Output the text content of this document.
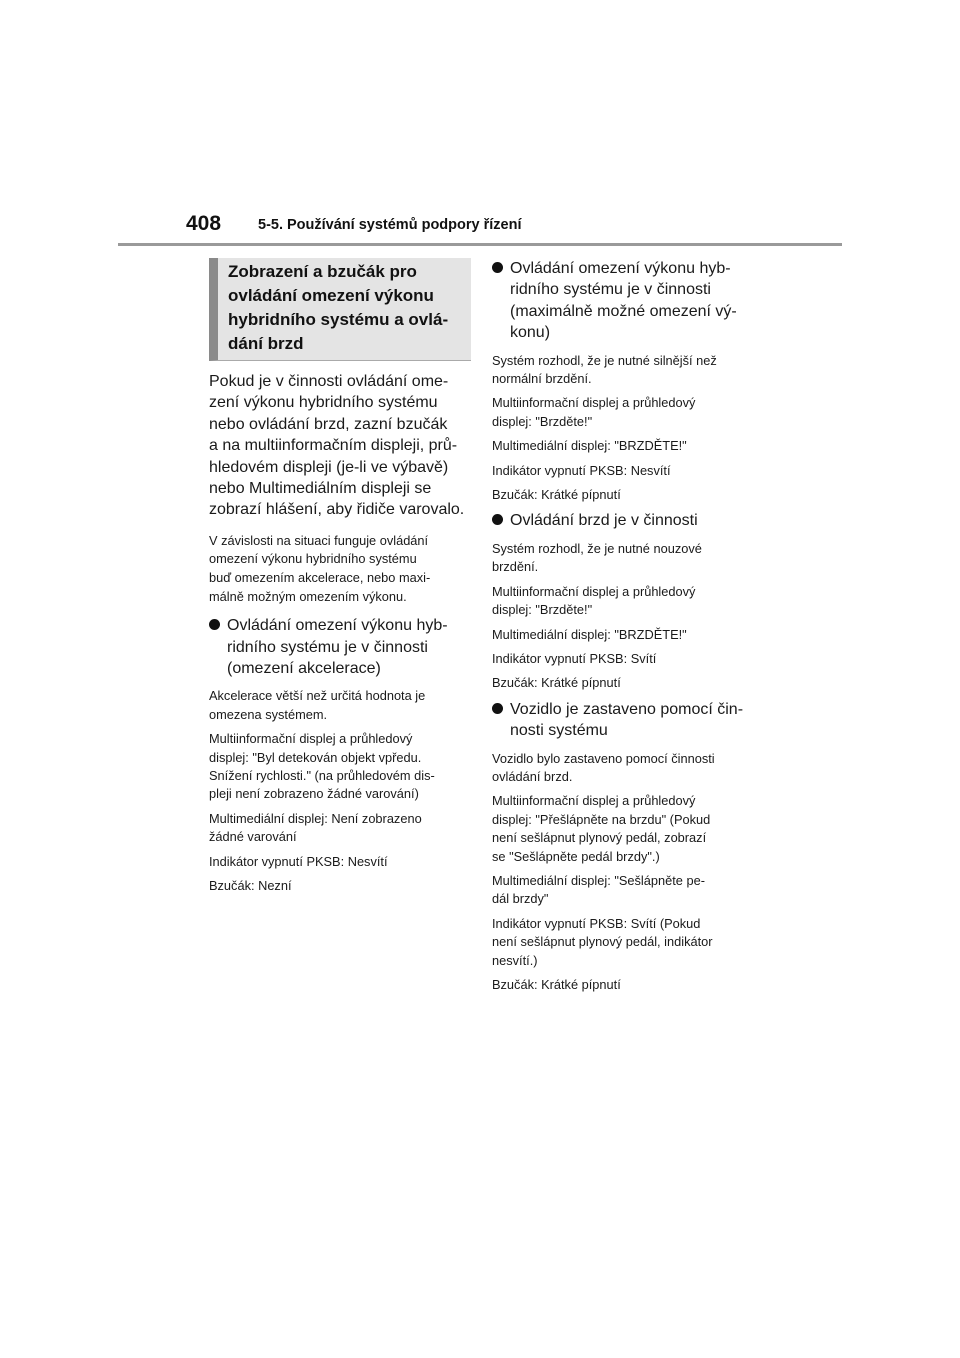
408	5-5. Používání systémů podpory řízení
Zobrazení a bzučák pro
ovládání omezení výkonu
hybridního systému a ovlá-
dání brzd

Pokud je v činnosti ovládání ome-

zení výkonu hybridního systému

nebo ovládání brzd, zazní bzučák

a na multiinformačním displeji, prů-

hledovém displeji (je-li ve výbavě)

nebo Multimediálním displeji se

zobrazí hlášení, aby řidiče varovalo.

V závislosti na situaci funguje ovládání

omezení výkonu hybridního systému

buď omezením akcelerace, nebo maxi-

málně možným omezením výkonu.

Ovládání omezení výkonu hyb-
ridního systému je v činnosti
(omezení akcelerace)
Akcelerace větší než určitá hodnota je
omezena systémem.
Multiinformační displej a průhledový
displej: "Byl detekován objekt vpředu.
Snížení rychlosti." (na průhledovém dis-
pleji není zobrazeno žádné varování)
Multimediální displej: Není zobrazeno
žádné varování
Indikátor vypnutí PKSB: Nesvítí
Bzučák: Nezní
Ovládání omezení výkonu hyb-
ridního systému je v činnosti
(maximálně možné omezení vý-
konu)
Systém rozhodl, že je nutné silnější než
normální brzdění.
Multiinformační displej a průhledový
displej: "Brzděte!"
Multimediální displej: "BRZDĚTE!"
Indikátor vypnutí PKSB: Nesvítí
Bzučák: Krátké pípnutí
Ovládání brzd je v činnosti
Systém rozhodl, že je nutné nouzové
brzdění.
Multiinformační displej a průhledový
displej: "Brzděte!"
Multimediální displej: "BRZDĚTE!"
Indikátor vypnutí PKSB: Svítí
Bzučák: Krátké pípnutí
Vozidlo je zastaveno pomocí čin-
nosti systému
Vozidlo bylo zastaveno pomocí činnosti
ovládání brzd.
Multiinformační displej a průhledový
displej: "Přešlápněte na brzdu" (Pokud
není sešlápnut plynový pedál, zobrazí
se "Sešlápněte pedál brzdy".)
Multimediální displej: "Sešlápněte pe-
dál brzdy"
Indikátor vypnutí PKSB: Svítí (Pokud
není sešlápnut plynový pedál, indikátor
nesvítí.)
Bzučák: Krátké pípnutí
